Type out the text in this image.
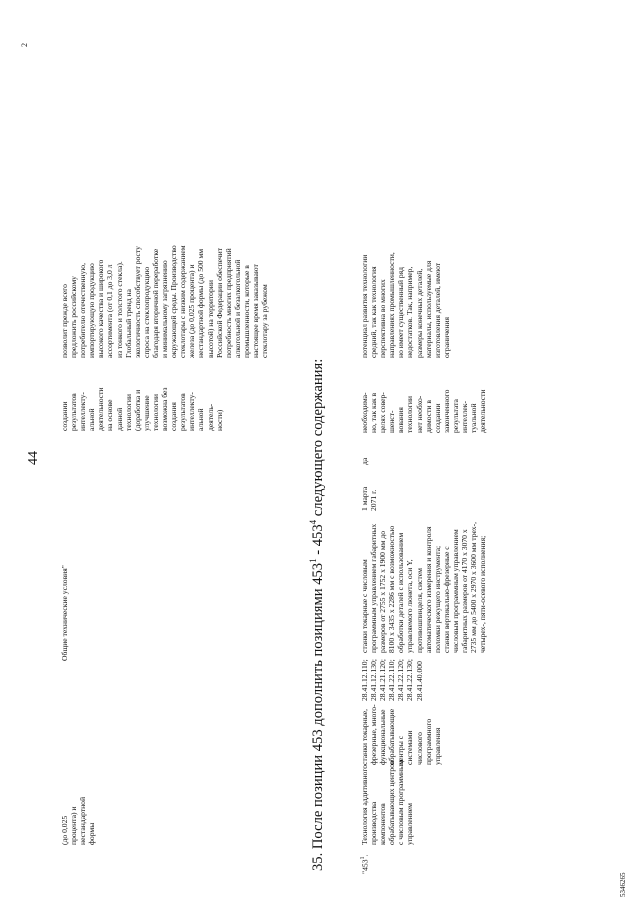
44
2
5346265
(до 0,025 процента) и нестандартной формы
Общие технические условия"
создании результатов интеллекту- альной деятельности на основе данной технологии (доработка и улучшение технологии возможна без создания результатов интеллекту- альной деятель- ности)
позволит прежде всего предложить российскому потребителю отечественную, импортирующую продукцию высокого качества и широкого ассортимента (от 0,1 до 3,0 л из тонкого и толстого стекла). Глобальный тренд на экологичность способствует росту спроса на стеклопродукцию благодаря вторичной переработке и минимальному загрязнению окружающей среды. Производство стеклотары с низким содержанием железа (до 0,025 процента) и нестандартной формы (до 500 мм высотой) на территории Российской Федерации обеспечит потребность многих предприятий алкогольной и безалкогольной промышленности, которые в настоящее время заказывают стеклотару за рубежом
35. После позиции 453 дополнить позициями $453^1 - 453^4$ следующего содержания:
"$453^1$.
Технология аддитивного производства компонентов обрабатывающих центров с числовым программным управлением
станки токарные, фрезерные, много- функциональные обрабатывающие центры с системами числового программного управления
28.41.12.110; 28.41.12.130; 28.41.21.120; 28.41.22.110; 28.41.22.120; 28.41.22.130; 28.41.40.000
станки токарные с числовым программным управлением габаритных размеров от 2755 х 1752 х 1900 мм до 8100 х 3435 х 2286 мм с возможностью обработки деталей с использованием управляемого люнета, оси Y, противошпинделя, систем автоматического измерения и контроля поломки режущего инструмента; станки вертикально-фрезерные с числовым программным управлением габаритных размеров от 4170 х 3070 х 2735 мм до 5400 х 2970 х 3600 мм трех-, четырех-, пяти-осевого исполнения;
1 марта 2071 г.
да
необходима- но, так как в целях совер- шенст- вования технологии нет необхо- димости в создании законченного результата интеллек- туальной деятельности
потенциал развития технологии средний, так как технология перспективна во многих направлениях промышленности, но имеет существенный ряд недостатков. Так, например, размеры конечных деталей, материалы, используемые для изготовления деталей, имеют ограничения
